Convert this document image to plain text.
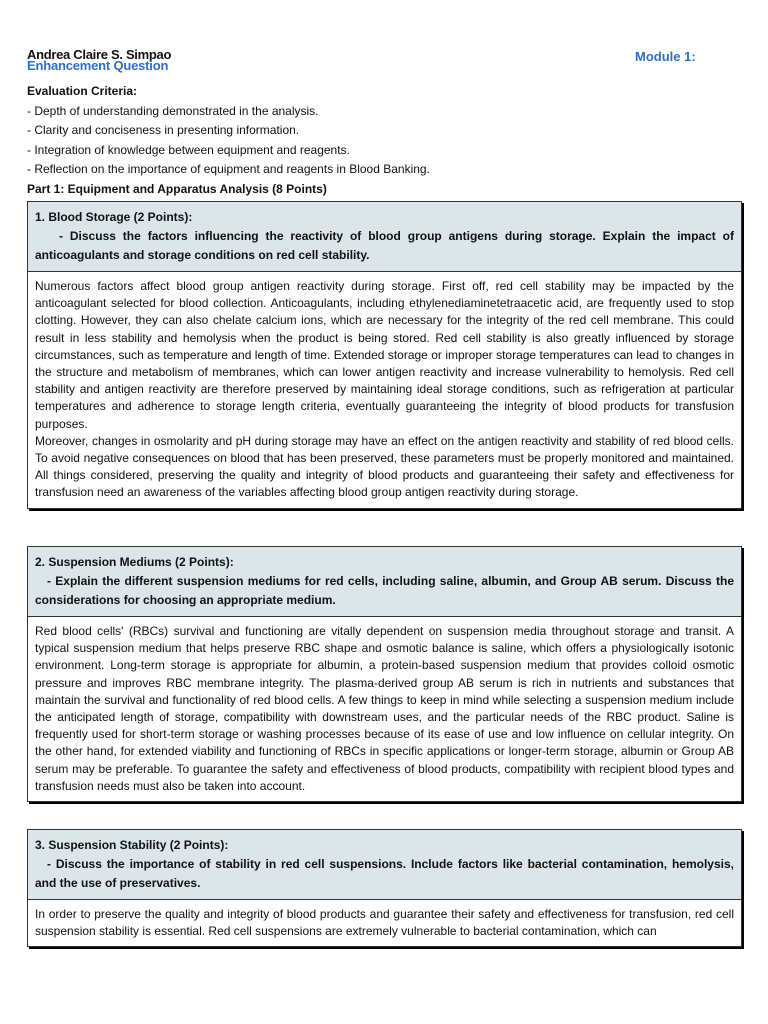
Andrea Claire S. Simpao
Enhancement Question
Module 1:
Evaluation Criteria:
- Depth of understanding demonstrated in the analysis.
- Clarity and conciseness in presenting information.
- Integration of knowledge between equipment and reagents.
- Reflection on the importance of equipment and reagents in Blood Banking.
Part 1: Equipment and Apparatus Analysis (8 Points)
1. Blood Storage (2 Points):
- Discuss the factors influencing the reactivity of blood group antigens during storage. Explain the impact of anticoagulants and storage conditions on red cell stability.

Numerous factors affect blood group antigen reactivity during storage. First off, red cell stability may be impacted by the anticoagulant selected for blood collection. Anticoagulants, including ethylenediaminetetraacetic acid, are frequently used to stop clotting. However, they can also chelate calcium ions, which are necessary for the integrity of the red cell membrane. This could result in less stability and hemolysis when the product is being stored. Red cell stability is also greatly influenced by storage circumstances, such as temperature and length of time. Extended storage or improper storage temperatures can lead to changes in the structure and metabolism of membranes, which can lower antigen reactivity and increase vulnerability to hemolysis. Red cell stability and antigen reactivity are therefore preserved by maintaining ideal storage conditions, such as refrigeration at particular temperatures and adherence to storage length criteria, eventually guaranteeing the integrity of blood products for transfusion purposes.

Moreover, changes in osmolarity and pH during storage may have an effect on the antigen reactivity and stability of red blood cells. To avoid negative consequences on blood that has been preserved, these parameters must be properly monitored and maintained. All things considered, preserving the quality and integrity of blood products and guaranteeing their safety and effectiveness for transfusion need an awareness of the variables affecting blood group antigen reactivity during storage.

2. Suspension Mediums (2 Points):
- Explain the different suspension mediums for red cells, including saline, albumin, and Group AB serum. Discuss the considerations for choosing an appropriate medium.

Red blood cells' (RBCs) survival and functioning are vitally dependent on suspension media throughout storage and transit. A typical suspension medium that helps preserve RBC shape and osmotic balance is saline, which offers a physiologically isotonic environment. Long-term storage is appropriate for albumin, a protein-based suspension medium that provides colloid osmotic pressure and improves RBC membrane integrity. The plasma-derived group AB serum is rich in nutrients and substances that maintain the survival and functionality of red blood cells. A few things to keep in mind while selecting a suspension medium include the anticipated length of storage, compatibility with downstream uses, and the particular needs of the RBC product. Saline is frequently used for short-term storage or washing processes because of its ease of use and low influence on cellular integrity. On the other hand, for extended viability and functioning of RBCs in specific applications or longer-term storage, albumin or Group AB serum may be preferable. To guarantee the safety and effectiveness of blood products, compatibility with recipient blood types and transfusion needs must also be taken into account.

3. Suspension Stability (2 Points):
- Discuss the importance of stability in red cell suspensions. Include factors like bacterial contamination, hemolysis, and the use of preservatives.

In order to preserve the quality and integrity of blood products and guarantee their safety and effectiveness for transfusion, red cell suspension stability is essential. Red cell suspensions are extremely vulnerable to bacterial contamination, which can
